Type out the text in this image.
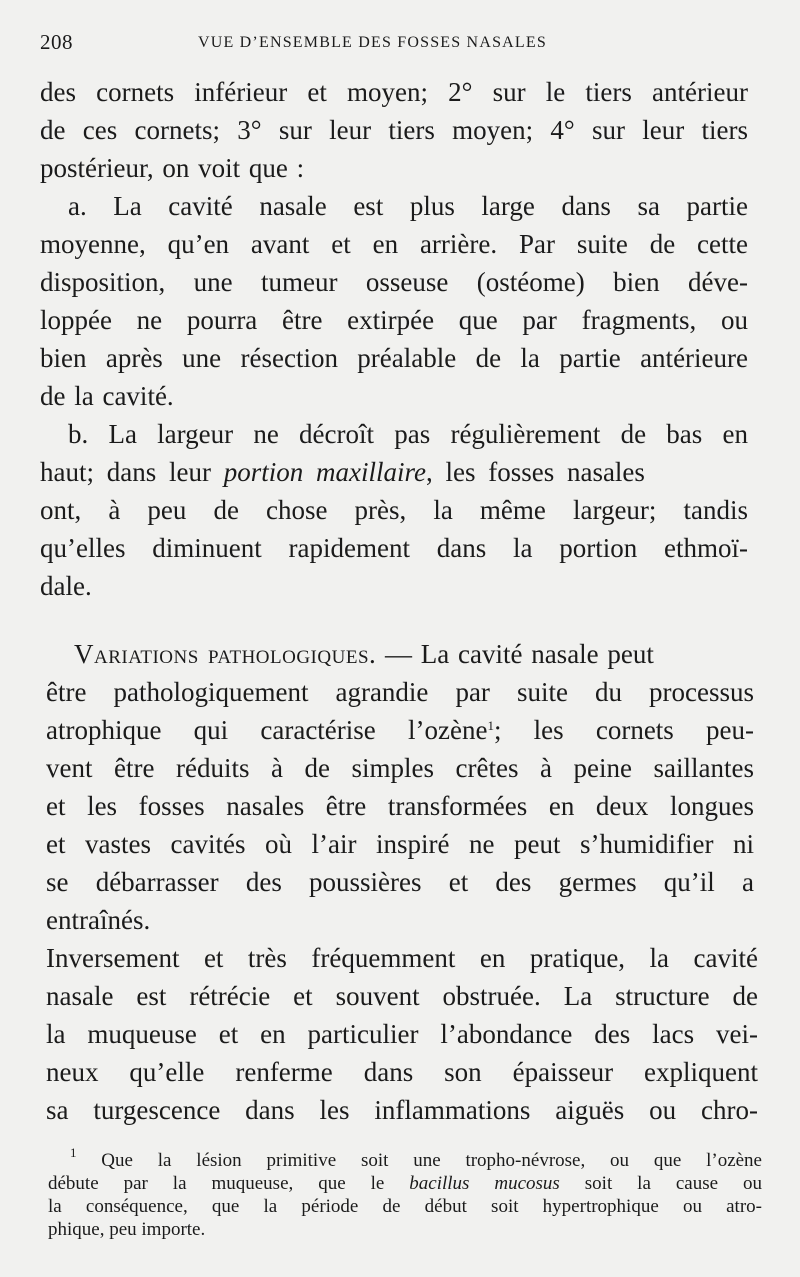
208	VUE D’ENSEMBLE DES FOSSES NASALES
des cornets inférieur et moyen; 2° sur le tiers antérieur
de ces cornets; 3° sur leur tiers moyen; 4° sur leur tiers
postérieur, on voit que :
a. La cavité nasale est plus large dans sa partie
moyenne, qu’en avant et en arrière. Par suite de cette
disposition, une tumeur osseuse (ostéome) bien déve-
loppée ne pourra être extirpée que par fragments, ou
bien après une résection préalable de la partie antérieure
de la cavité.
b. La largeur ne décroît pas régulièrement de bas en
haut; dans leur portion maxillaire, les fosses nasales
ont, à peu de chose près, la même largeur; tandis
qu’elles diminuent rapidement dans la portion ethmoï-
dale.
Variations pathologiques. — La cavité nasale peut
être pathologiquement agrandie par suite du processus
atrophique qui caractérise l’ozène$^1$; les cornets peu-
vent être réduits à de simples crêtes à peine saillantes
et les fosses nasales être transformées en deux longues
et vastes cavités où l’air inspiré ne peut s’humidifier ni
se débarrasser des poussières et des germes qu’il a
entraînés.
Inversement et très fréquemment en pratique, la cavité
nasale est rétrécie et souvent obstruée. La structure de
la muqueuse et en particulier l’abondance des lacs vei-
neux qu’elle renferme dans son épaisseur expliquent
sa turgescence dans les inflammations aiguës ou chro-
$^1$ Que la lésion primitive soit une tropho-névrose, ou que l’ozène
débute par la muqueuse, que le bacillus mucosus soit la cause ou
la conséquence, que la période de début soit hypertrophique ou atro-
phique, peu importe.
